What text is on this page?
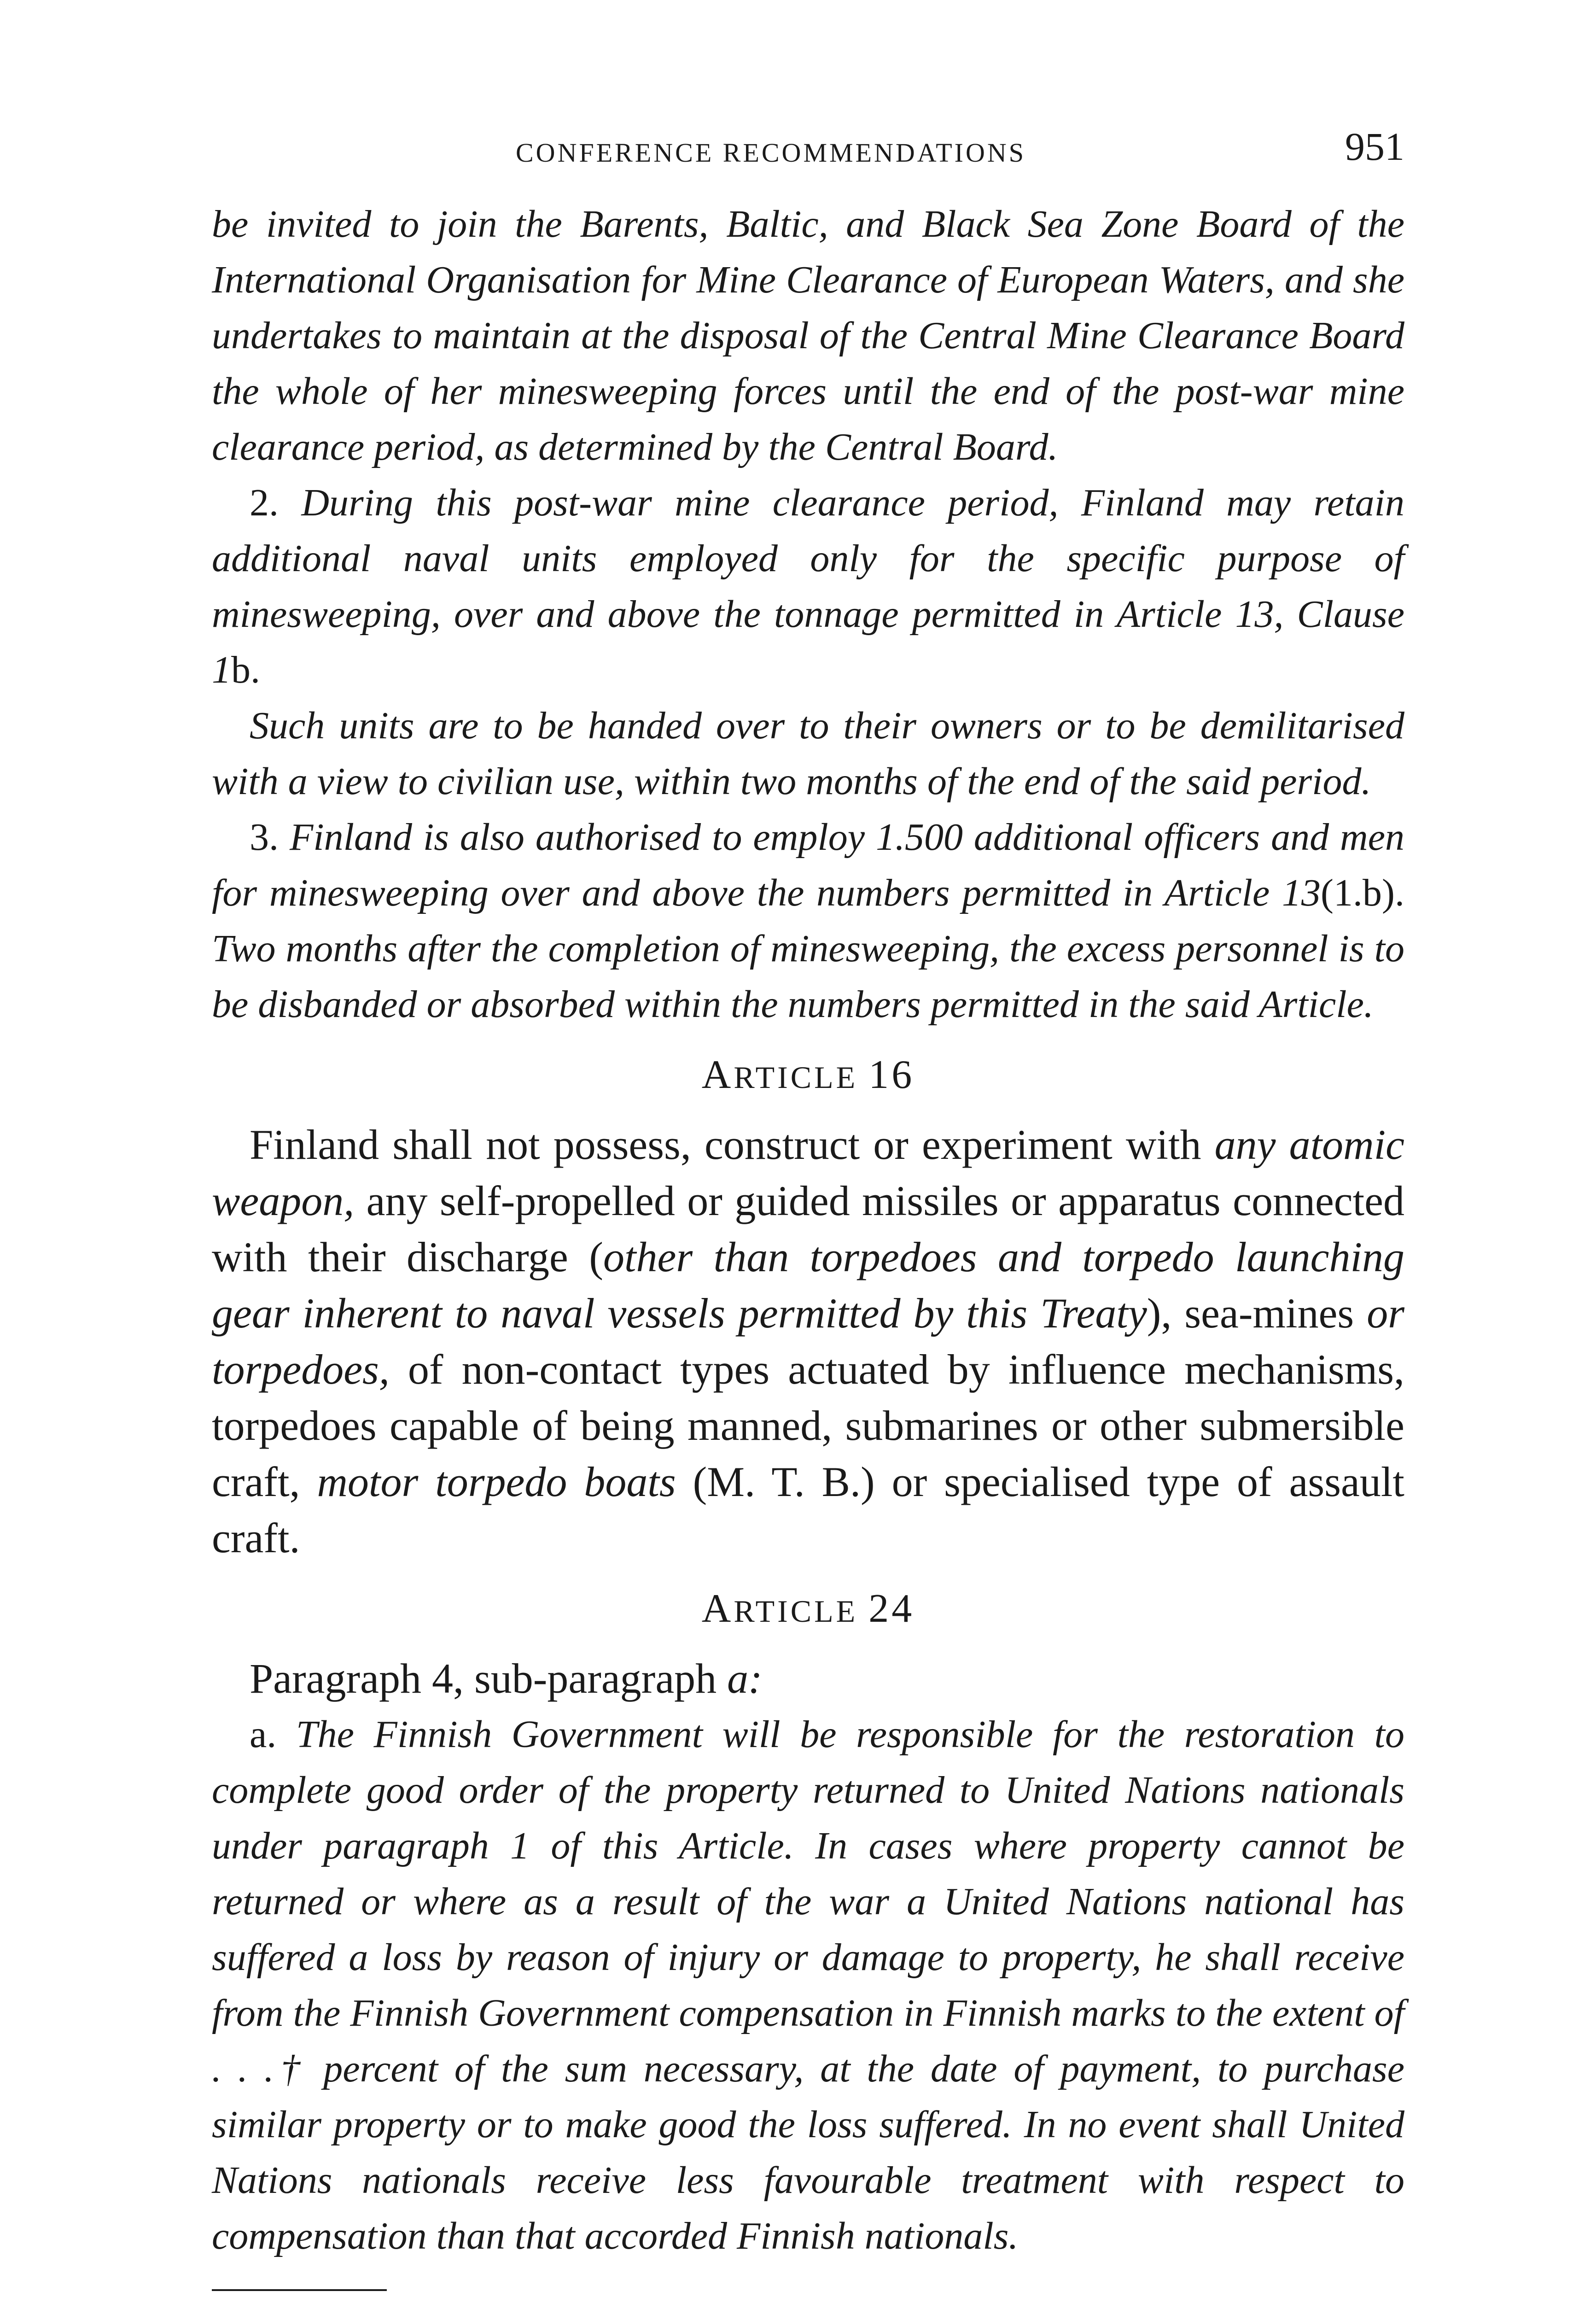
CONFERENCE RECOMMENDATIONS	951

be invited to join the Barents, Baltic, and Black Sea Zone Board of the International Organisation for Mine Clearance of European Waters, and she undertakes to maintain at the disposal of the Central Mine Clearance Board the whole of her minesweeping forces until the end of the post-war mine clearance period, as determined by the Central Board.

2. During this post-war mine clearance period, Finland may retain additional naval units employed only for the specific purpose of minesweeping, over and above the tonnage permitted in Article 13, Clause 1b.

Such units are to be handed over to their owners or to be demilitarised with a view to civilian use, within two months of the end of the said period.

3. Finland is also authorised to employ 1.500 additional officers and men for minesweeping over and above the numbers permitted in Article 13(1.b). Two months after the completion of minesweeping, the excess personnel is to be disbanded or absorbed within the numbers permitted in the said Article.

ARTICLE 16

Finland shall not possess, construct or experiment with any atomic weapon, any self-propelled or guided missiles or apparatus connected with their discharge (other than torpedoes and torpedo launching gear inherent to naval vessels permitted by this Treaty), sea-mines or torpedoes, of non-contact types actuated by influence mechanisms, torpedoes capable of being manned, submarines or other submersible craft, motor torpedo boats (M. T. B.) or specialised type of assault craft.

ARTICLE 24

Paragraph 4, sub-paragraph a:

a. The Finnish Government will be responsible for the restoration to complete good order of the property returned to United Nations nationals under paragraph 1 of this Article. In cases where property cannot be returned or where as a result of the war a United Nations national has suffered a loss by reason of injury or damage to property, he shall receive from the Finnish Government compensation in Finnish marks to the extent of . . .† percent of the sum necessary, at the date of payment, to purchase similar property or to make good the loss suffered. In no event shall United Nations nationals receive less favourable treatment with respect to compensation than that accorded Finnish nationals.
